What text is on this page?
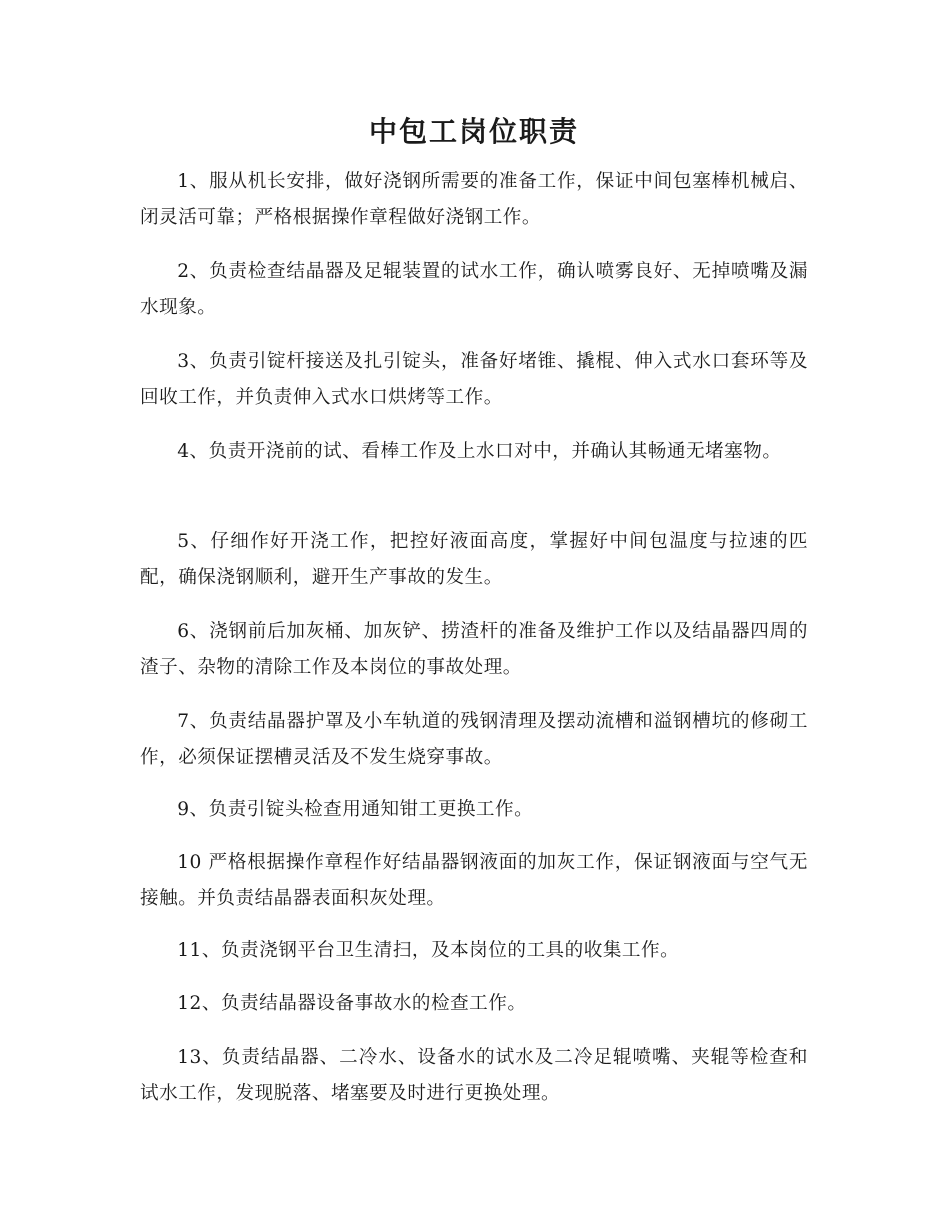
中包工岗位职责

1、服从机长安排，做好浇钢所需要的准备工作，保证中间包塞棒机械启、闭灵活可靠；严格根据操作章程做好浇钢工作。

2、负责检查结晶器及足辊装置的试水工作，确认喷雾良好、无掉喷嘴及漏水现象。

3、负责引锭杆接送及扎引锭头，准备好堵锥、撬棍、伸入式水口套环等及回收工作，并负责伸入式水口烘烤等工作。

4、负责开浇前的试、看棒工作及上水口对中，并确认其畅通无堵塞物。

5、仔细作好开浇工作，把控好液面高度，掌握好中间包温度与拉速的匹配，确保浇钢顺利，避开生产事故的发生。

6、浇钢前后加灰桶、加灰铲、捞渣杆的准备及维护工作以及结晶器四周的渣子、杂物的清除工作及本岗位的事故处理。

7、负责结晶器护罩及小车轨道的残钢清理及摆动流槽和溢钢槽坑的修砌工作，必须保证摆槽灵活及不发生烧穿事故。

9、负责引锭头检查用通知钳工更换工作。

10 严格根据操作章程作好结晶器钢液面的加灰工作，保证钢液面与空气无接触。并负责结晶器表面积灰处理。

11、负责浇钢平台卫生清扫，及本岗位的工具的收集工作。

12、负责结晶器设备事故水的检查工作。

13、负责结晶器、二冷水、设备水的试水及二冷足辊喷嘴、夹辊等检查和试水工作，发现脱落、堵塞要及时进行更换处理。
